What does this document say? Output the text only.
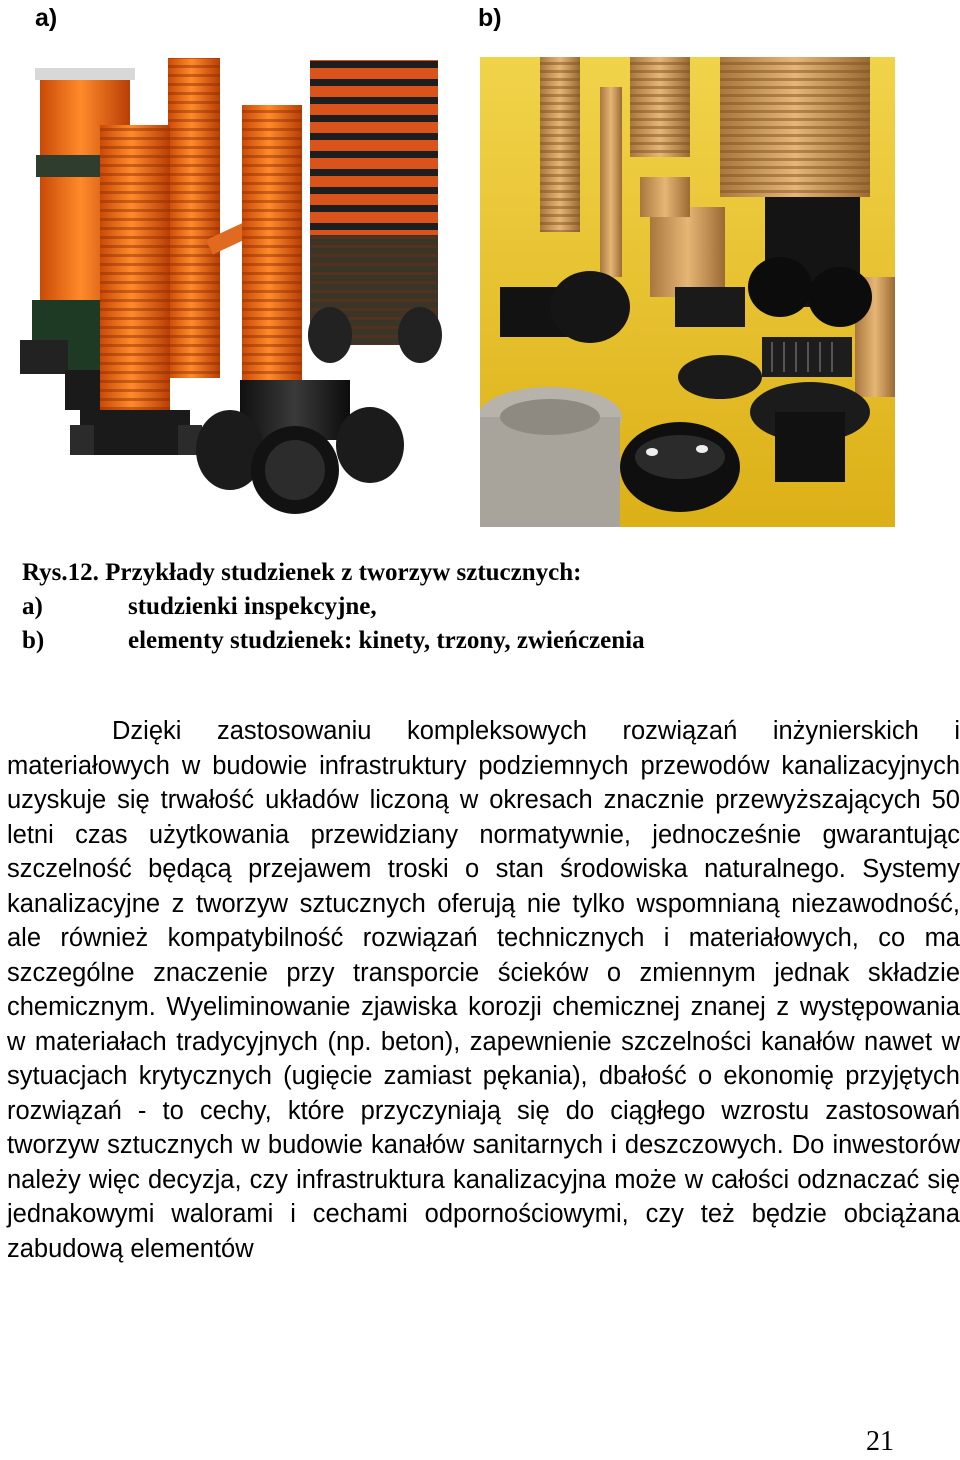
a)	b)
Rys.12. Przykłady studzienek z tworzyw sztucznych:
a)	studzienki inspekcyjne,
b)	elementy studzienek: kinety, trzony, zwieńczenia

Dzięki zastosowaniu kompleksowych rozwiązań inżynierskich i materiałowych w budowie infrastruktury podziemnych przewodów kanalizacyjnych uzyskuje się trwałość układów liczoną w okresach znacznie przewyższających 50 letni czas użytkowania przewidziany normatywnie, jednocześnie gwarantując szczelność będącą przejawem troski o stan środowiska naturalnego. Systemy kanalizacyjne z tworzyw sztucznych oferują nie tylko wspomnianą niezawodność, ale również kompatybilność rozwiązań technicznych i materiałowych, co ma szczególne znaczenie przy transporcie ścieków o zmiennym jednak składzie chemicznym. Wyeliminowanie zjawiska korozji chemicznej znanej z występowania w materiałach tradycyjnych (np. beton), zapewnienie szczelności kanałów nawet w sytuacjach krytycznych (ugięcie zamiast pękania), dbałość o ekonomię przyjętych rozwiązań - to cechy, które przyczyniają się do ciągłego wzrostu zastosowań tworzyw sztucznych w budowie kanałów sanitarnych i deszczowych. Do inwestorów należy więc decyzja, czy infrastruktura kanalizacyjna może w całości odznaczać się jednakowymi walorami i cechami odpornościowymi, czy też będzie obciążana zabudową elementów

21
